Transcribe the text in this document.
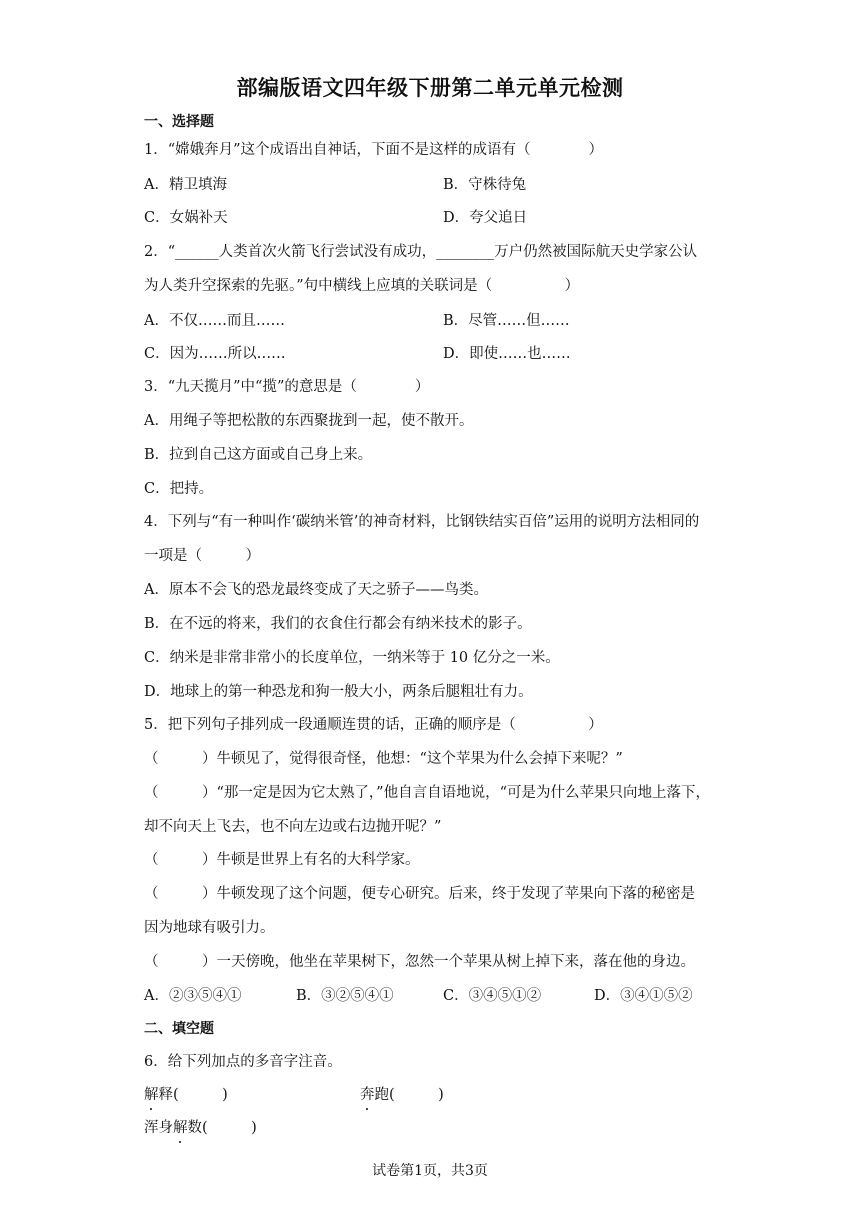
部编版语文四年级下册第二单元单元检测
一、选择题
1．“嫦娥奔月”这个成语出自神话，下面不是这样的成语有（　　　　）
A．精卫填海	B．守株待兔
C．女娲补天	D．夸父追日
2．“______人类首次火箭飞行尝试没有成功，________万户仍然被国际航天史学家公认
为人类升空探索的先驱。”句中横线上应填的关联词是（　　　　　）
A．不仅……而且……	B．尽管……但……
C．因为……所以……	D．即使……也……
3．“九天揽月”中“揽”的意思是（　　　　）
A．用绳子等把松散的东西聚拢到一起，使不散开。
B．拉到自己这方面或自己身上来。
C．把持。
4．下列与“有一种叫作‘碳纳米管’的神奇材料，比钢铁结实百倍”运用的说明方法相同的
一项是（　　　）
A．原本不会飞的恐龙最终变成了天之骄子——鸟类。
B．在不远的将来，我们的衣食住行都会有纳米技术的影子。
C．纳米是非常非常小的长度单位，一纳米等于 10 亿分之一米。
D．地球上的第一种恐龙和狗一般大小，两条后腿粗壮有力。
5．把下列句子排列成一段通顺连贯的话，正确的顺序是（　　　　　）
（　　　）牛顿见了，觉得很奇怪，他想：“这个苹果为什么会掉下来呢？”
（　　　）“那一定是因为它太熟了，”他自言自语地说，“可是为什么苹果只向地上落下，
却不向天上飞去，也不向左边或右边抛开呢？”
（　　　）牛顿是世界上有名的大科学家。
（　　　）牛顿发现了这个问题，便专心研究。后来，终于发现了苹果向下落的秘密是
因为地球有吸引力。
（　　　）一天傍晚，他坐在苹果树下，忽然一个苹果从树上掉下来，落在他的身边。
A．②③⑤④①	B．③②⑤④①	C．③④⑤①②	D．③④①⑤②
二、填空题
6．给下列加点的多音字注音。
解释(　　　)	奔跑(　　　)
浑身解数(　　　)
试卷第1页，共3页
